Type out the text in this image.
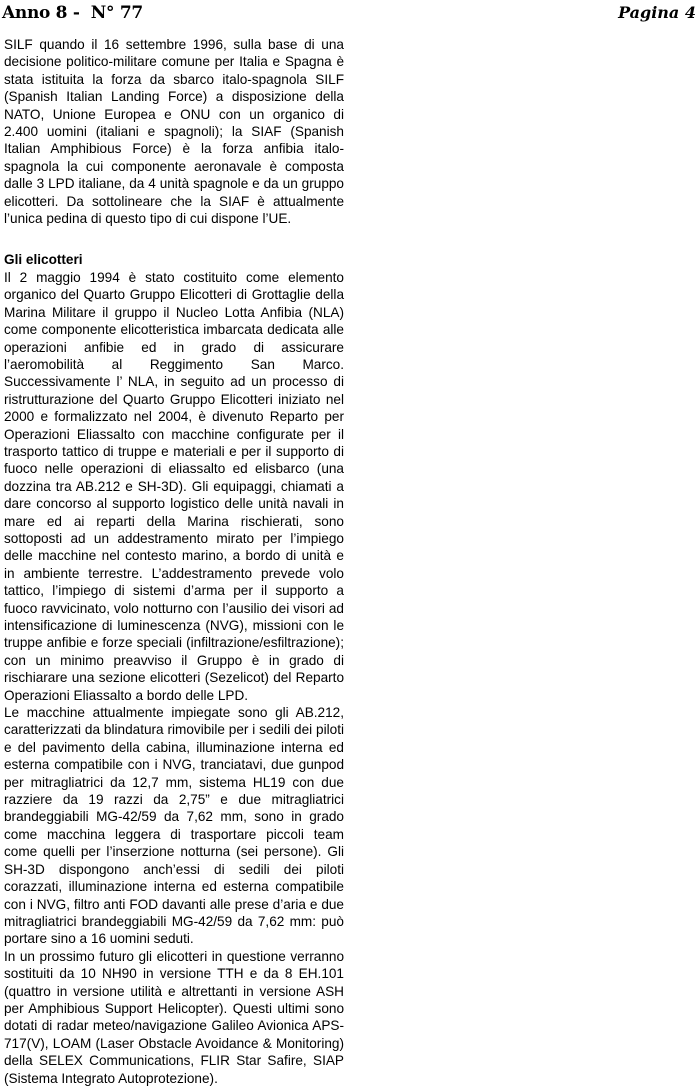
Anno 8 -  N° 77	Pagina 4

SILF quando il 16 settembre 1996, sulla base di una decisione politico-militare comune per Italia e Spagna è stata istituita la forza da sbarco italo-spagnola SILF (Spanish Italian Landing Force) a disposizione della NATO, Unione Europea e ONU con un organico di 2.400 uomini (italiani e spagnoli); la SIAF (Spanish Italian Amphibious Force) è la forza anfibia italo-spagnola la cui componente aeronavale è composta dalle 3 LPD italiane, da 4 unità spagnole e da un gruppo elicotteri. Da sottolineare che la SIAF è attualmente l’unica pedina di questo tipo di cui dispone l’UE.

Gli elicotteri

Il 2 maggio 1994 è stato costituito come elemento organico del Quarto Gruppo Elicotteri di Grottaglie della Marina Militare il gruppo il Nucleo Lotta Anfibia (NLA) come componente elicotteristica imbarcata dedicata alle operazioni anfibie ed in grado di assicurare l’aeromobilità al Reggimento San Marco. Successivamente l’ NLA, in seguito ad un processo di ristrutturazione del Quarto Gruppo Elicotteri iniziato nel 2000 e formalizzato nel 2004, è divenuto Reparto per Operazioni Eliassalto con macchine configurate per il trasporto tattico di truppe e materiali e per il supporto di fuoco nelle operazioni di eliassalto ed elisbarco (una dozzina tra AB.212 e SH-3D). Gli equipaggi, chiamati a dare concorso al supporto logistico delle unità navali in mare ed ai reparti della Marina rischierati, sono sottoposti ad un addestramento mirato per l’impiego delle macchine nel contesto marino, a bordo di unità e in ambiente terrestre. L’addestramento prevede volo tattico, l’impiego di sistemi d’arma per il supporto a fuoco ravvicinato, volo notturno con l’ausilio dei visori ad intensificazione di luminescenza (NVG), missioni con le truppe anfibie e forze speciali (infiltrazione/esfiltrazione); con un minimo preavviso il Gruppo è in grado di rischiarare una sezione elicotteri (Sezelicot) del Reparto Operazioni Eliassalto a bordo delle LPD.

Le macchine attualmente impiegate sono gli AB.212, caratterizzati da blindatura rimovibile per i sedili dei piloti e del pavimento della cabina, illuminazione interna ed esterna compatibile con i NVG, tranciatavi, due gunpod per mitragliatrici da 12,7 mm, sistema HL19 con due razziere da 19 razzi da 2,75” e due mitragliatrici brandeggiabili MG-42/59 da 7,62 mm, sono in grado come macchina leggera di trasportare piccoli team come quelli per l’inserzione notturna (sei persone). Gli SH-3D dispongono anch’essi di sedili dei piloti corazzati, illuminazione interna ed esterna compatibile con i NVG, filtro anti FOD davanti alle prese d’aria e due mitragliatrici brandeggiabili MG-42/59 da 7,62 mm: può portare sino a 16 uomini seduti.

In un prossimo futuro gli elicotteri in questione verranno sostituiti da 10 NH90 in versione TTH e da 8 EH.101 (quattro in versione utilità e altrettanti in versione ASH per Amphibious Support Helicopter). Questi ultimi sono dotati di radar meteo/navigazione Galileo Avionica APS-717(V), LOAM (Laser Obstacle Avoidance & Monitoring) della SELEX Communications, FLIR Star Safire, SIAP (Sistema Integrato Autoprotezione).
